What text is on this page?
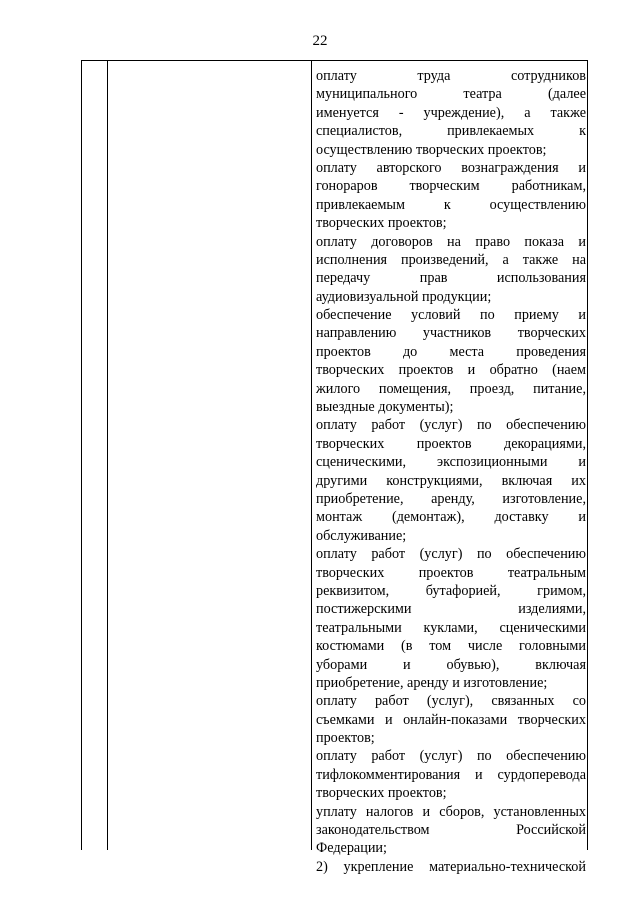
22
оплату труда сотрудников
муниципального театра (далее
именуется - учреждение), а также
специалистов, привлекаемых к
осуществлению творческих проектов;
оплату авторского вознаграждения и
гонораров творческим работникам,
привлекаемым к осуществлению
творческих проектов;
оплату договоров на право показа и
исполнения произведений, а также на
передачу прав использования
аудиовизуальной продукции;
обеспечение условий по приему и
направлению участников творческих
проектов до места проведения
творческих проектов и обратно (наем
жилого помещения, проезд, питание,
выездные документы);
оплату работ (услуг) по обеспечению
творческих проектов декорациями,
сценическими, экспозиционными и
другими конструкциями, включая их
приобретение, аренду, изготовление,
монтаж (демонтаж), доставку и
обслуживание;
оплату работ (услуг) по обеспечению
творческих проектов театральным
реквизитом, бутафорией, гримом,
постижерскими изделиями,
театральными куклами, сценическими
костюмами (в том числе головными
уборами и обувью), включая
приобретение, аренду и изготовление;
оплату работ (услуг), связанных со
съемками и онлайн-показами творческих
проектов;
оплату работ (услуг) по обеспечению
тифлокомментирования и сурдоперевода
творческих проектов;
уплату налогов и сборов, установленных
законодательством Российской
Федерации;
2) укрепление материально-технической
